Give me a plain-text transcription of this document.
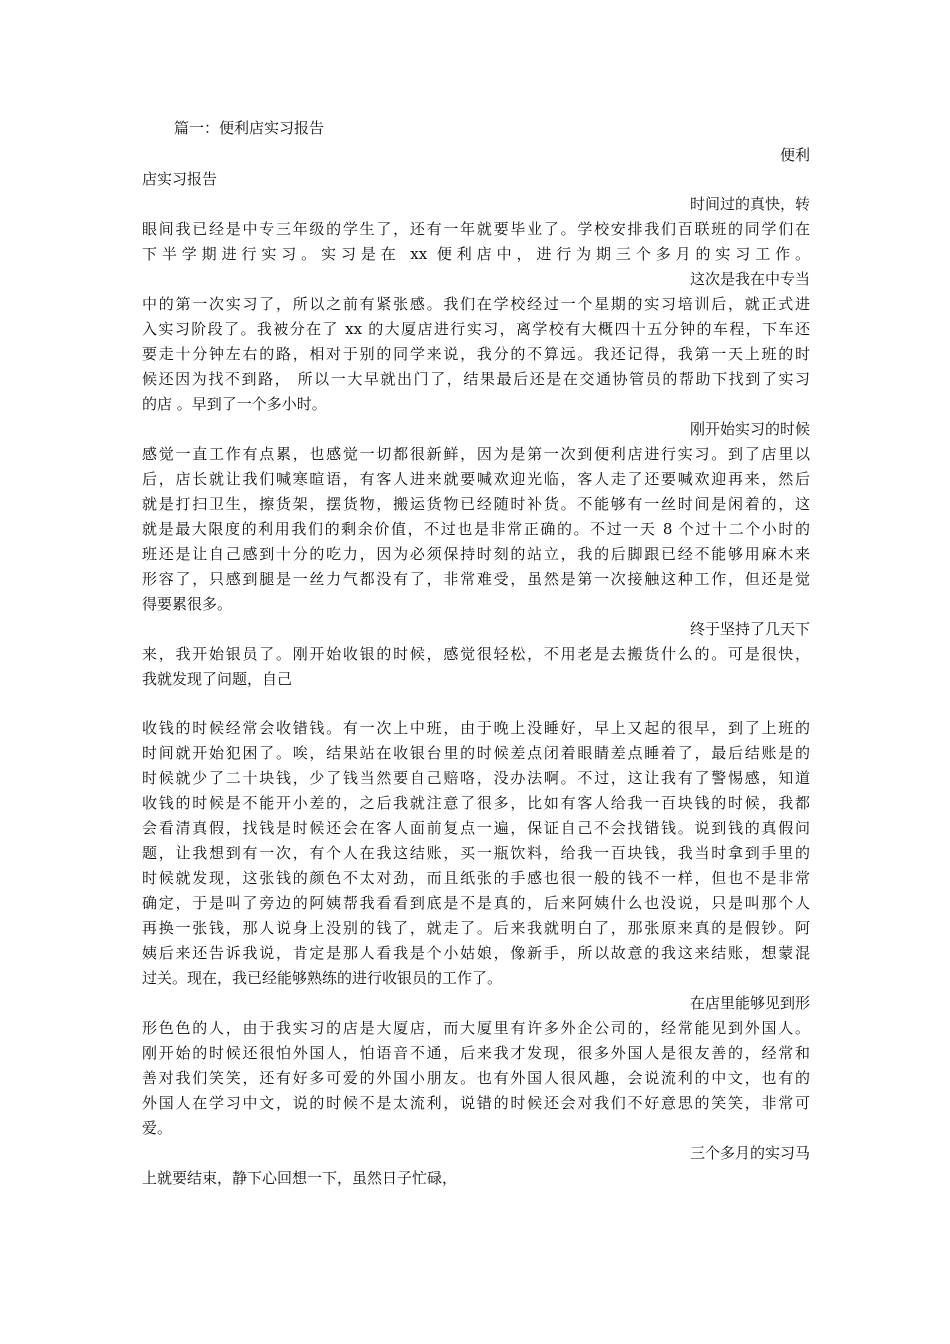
篇一：便利店实习报告
便利
店实习报告
时间过的真快，转
眼间我已经是中专三年级的学生了，还有一年就要毕业了。学校安排我们百联班的同学们在
下半学期进行实习。实习是在 xx 便利店中，进行为期三个多月的实习工作。
这次是我在中专当
中的第一次实习了，所以之前有紧张感。我们在学校经过一个星期的实习培训后，就正式进
入实习阶段了。我被分在了 xx 的大厦店进行实习，离学校有大概四十五分钟的车程，下车还
要走十分钟左右的路，相对于别的同学来说，我分的不算远。我还记得，我第一天上班的时
候还因为找不到路， 所以一大早就出门了，结果最后还是在交通协管员的帮助下找到了实习
的店 。早到了一个多小时。
刚开始实习的时候
感觉一直工作有点累，也感觉一切都很新鲜，因为是第一次到便利店进行实习。到了店里以
后，店长就让我们喊寒暄语，有客人进来就要喊欢迎光临，客人走了还要喊欢迎再来，然后
就是打扫卫生，擦货架，摆货物，搬运货物已经随时补货。不能够有一丝时间是闲着的，这
就是最大限度的利用我们的剩余价值，不过也是非常正确的。不过一天 8 个过十二个小时的
班还是让自己感到十分的吃力，因为必须保持时刻的站立，我的后脚跟已经不能够用麻木来
形容了，只感到腿是一丝力气都没有了，非常难受，虽然是第一次接触这种工作，但还是觉
得要累很多。
终于坚持了几天下
来，我开始银员了。刚开始收银的时候，感觉很轻松，不用老是去搬货什么的。可是很快，
我就发现了问题，自己
收钱的时候经常会收错钱。有一次上中班，由于晚上没睡好，早上又起的很早，到了上班的
时间就开始犯困了。唉，结果站在收银台里的时候差点闭着眼睛差点睡着了，最后结账是的
时候就少了二十块钱，少了钱当然要自己赔咯，没办法啊。不过，这让我有了警惕感，知道
收钱的时候是不能开小差的，之后我就注意了很多，比如有客人给我一百块钱的时候，我都
会看清真假，找钱是时候还会在客人面前复点一遍，保证自己不会找错钱。说到钱的真假问
题，让我想到有一次，有个人在我这结账，买一瓶饮料，给我一百块钱，我当时拿到手里的
时候就发现，这张钱的颜色不太对劲，而且纸张的手感也很一般的钱不一样，但也不是非常
确定，于是叫了旁边的阿姨帮我看看到底是不是真的，后来阿姨什么也没说，只是叫那个人
再换一张钱，那人说身上没别的钱了，就走了。后来我就明白了，那张原来真的是假钞。阿
姨后来还告诉我说，肯定是那人看我是个小姑娘，像新手，所以故意的我这来结账，想蒙混
过关。现在，我已经能够熟练的进行收银员的工作了。
在店里能够见到形
形色色的人，由于我实习的店是大厦店，而大厦里有许多外企公司的，经常能见到外国人。
刚开始的时候还很怕外国人，怕语音不通，后来我才发现，很多外国人是很友善的，经常和
善对我们笑笑，还有好多可爱的外国小朋友。也有外国人很风趣，会说流利的中文，也有的
外国人在学习中文，说的时候不是太流利，说错的时候还会对我们不好意思的笑笑，非常可
爱。
三个多月的实习马
上就要结束，静下心回想一下，虽然日子忙碌，
